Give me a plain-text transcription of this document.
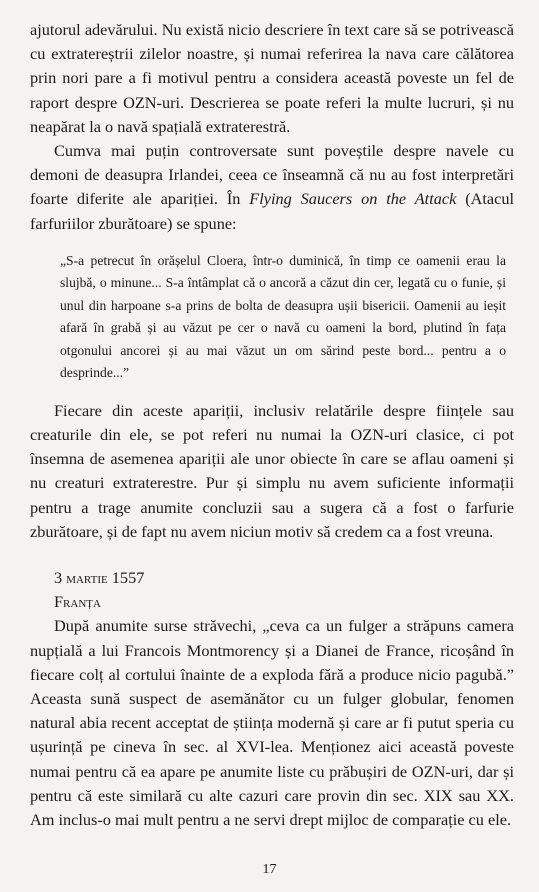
ajutorul adevărului. Nu există nicio descriere în text care să se potrivească cu extratereștrii zilelor noastre, și numai referirea la nava care călătorea prin nori pare a fi motivul pentru a considera această poveste un fel de raport despre OZN-uri. Descrierea se poate referi la multe lucruri, și nu neapărat la o navă spațială extraterestră.

Cumva mai puțin controversate sunt poveștile despre navele cu demoni de deasupra Irlandei, ceea ce înseamnă că nu au fost interpretări foarte diferite ale apariției. În Flying Saucers on the Attack (Atacul farfuriilor zburătoare) se spune:

„S-a petrecut în orășelul Cloera, într-o duminică, în timp ce oamenii erau la slujbă, o minune... S-a întâmplat că o ancoră a căzut din cer, legată cu o funie, și unul din harpoane s-a prins de bolta de deasupra ușii bisericii. Oamenii au ieșit afară în grabă și au văzut pe cer o navă cu oameni la bord, plutind în fața otgonului ancorei și au mai văzut un om sărind peste bord... pentru a o desprinde...”

Fiecare din aceste apariții, inclusiv relatările despre ființele sau creaturile din ele, se pot referi nu numai la OZN-uri clasice, ci pot însemna de asemenea apariții ale unor obiecte în care se aflau oameni și nu creaturi extraterestre. Pur și simplu nu avem suficiente informații pentru a trage anumite concluzii sau a sugera că a fost o farfurie zburătoare, și de fapt nu avem niciun motiv să credem ca a fost vreuna.

3 martie 1557
Franța

După anumite surse străvechi, „ceva ca un fulger a străpuns camera nupțială a lui Francois Montmorency și a Dianei de France, ricoșând în fiecare colț al cortului înainte de a exploda fără a produce nicio pagubă.” Aceasta sună suspect de asemănător cu un fulger globular, fenomen natural abia recent acceptat de știința modernă și care ar fi putut speria cu ușurință pe cineva în sec. al XVI-lea. Menționez aici această poveste numai pentru că ea apare pe anumite liste cu prăbușiri de OZN-uri, dar și pentru că este similară cu alte cazuri care provin din sec. XIX sau XX. Am inclus-o mai mult pentru a ne servi drept mijloc de comparație cu ele.

17
